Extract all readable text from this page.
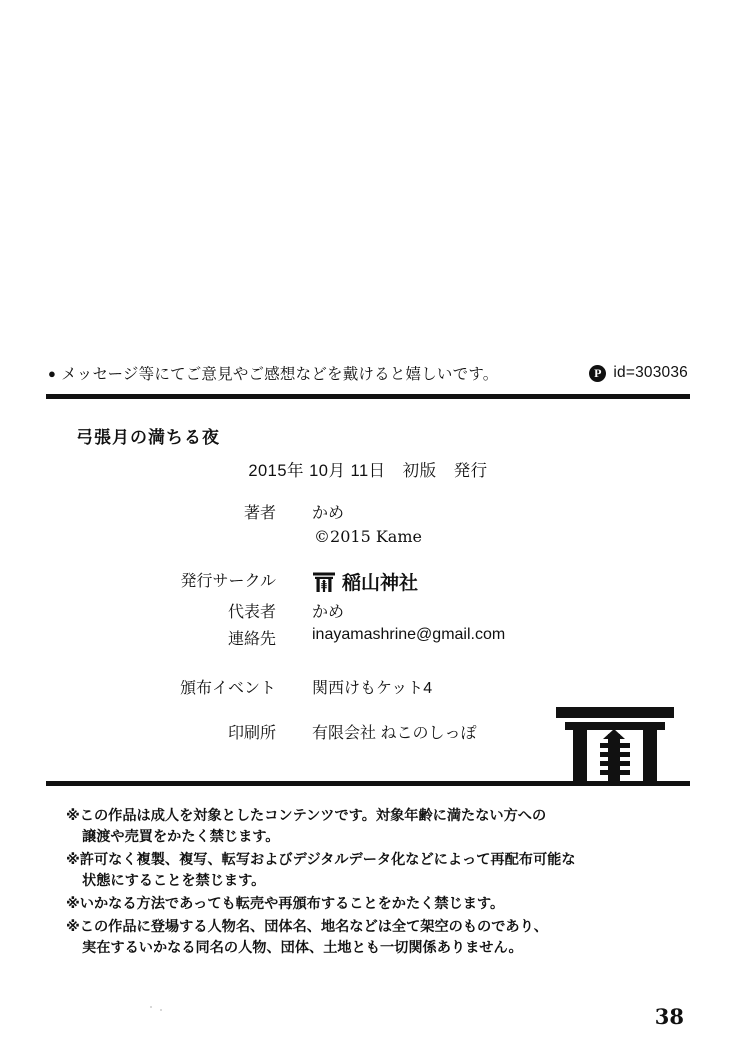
● メッセージ等にてご意見やご感想などを戴けると嬉しいです。	P id=303036
弓張月の満ちる夜
2015年 10月 11日　初版　発行
著者	かめ
©2015 Kame
発行サークル	稲山神社
代表者	かめ
連絡先	inayamashrine@gmail.com
頒布イベント	関西けもケット4
印刷所	有限会社 ねこのしっぽ
※この作品は成人を対象としたコンテンツです。対象年齢に満たない方への
譲渡や売買をかたく禁じます。
※許可なく複製、複写、転写およびデジタルデータ化などによって再配布可能な
状態にすることを禁じます。
※いかなる方法であっても転売や再頒布することをかたく禁じます。
※この作品に登場する人物名、団体名、地名などは全て架空のものであり、
実在するいかなる同名の人物、団体、土地とも一切関係ありません。
38
